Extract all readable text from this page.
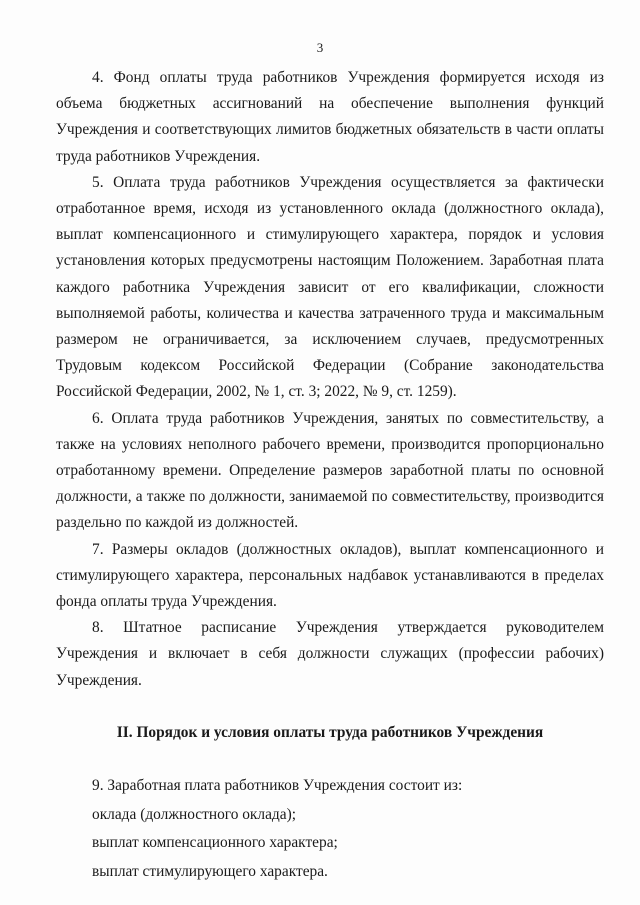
3

4. Фонд оплаты труда работников Учреждения формируется исходя из объема бюджетных ассигнований на обеспечение выполнения функций Учреждения и соответствующих лимитов бюджетных обязательств в части оплаты труда работников Учреждения.

5. Оплата труда работников Учреждения осуществляется за фактически отработанное время, исходя из установленного оклада (должностного оклада), выплат компенсационного и стимулирующего характера, порядок и условия установления которых предусмотрены настоящим Положением. Заработная плата каждого работника Учреждения зависит от его квалификации, сложности выполняемой работы, количества и качества затраченного труда и максимальным размером не ограничивается, за исключением случаев, предусмотренных Трудовым кодексом Российской Федерации (Собрание законодательства Российской Федерации, 2002, № 1, ст. 3; 2022, № 9, ст. 1259).

6. Оплата труда работников Учреждения, занятых по совместительству, а также на условиях неполного рабочего времени, производится пропорционально отработанному времени. Определение размеров заработной платы по основной должности, а также по должности, занимаемой по совместительству, производится раздельно по каждой из должностей.

7. Размеры окладов (должностных окладов), выплат компенсационного и стимулирующего характера, персональных надбавок устанавливаются в пределах фонда оплаты труда Учреждения.

8. Штатное расписание Учреждения утверждается руководителем Учреждения и включает в себя должности служащих (профессии рабочих) Учреждения.

II. Порядок и условия оплаты труда работников Учреждения

9. Заработная плата работников Учреждения состоит из:

оклада (должностного оклада);

выплат компенсационного характера;

выплат стимулирующего характера.
